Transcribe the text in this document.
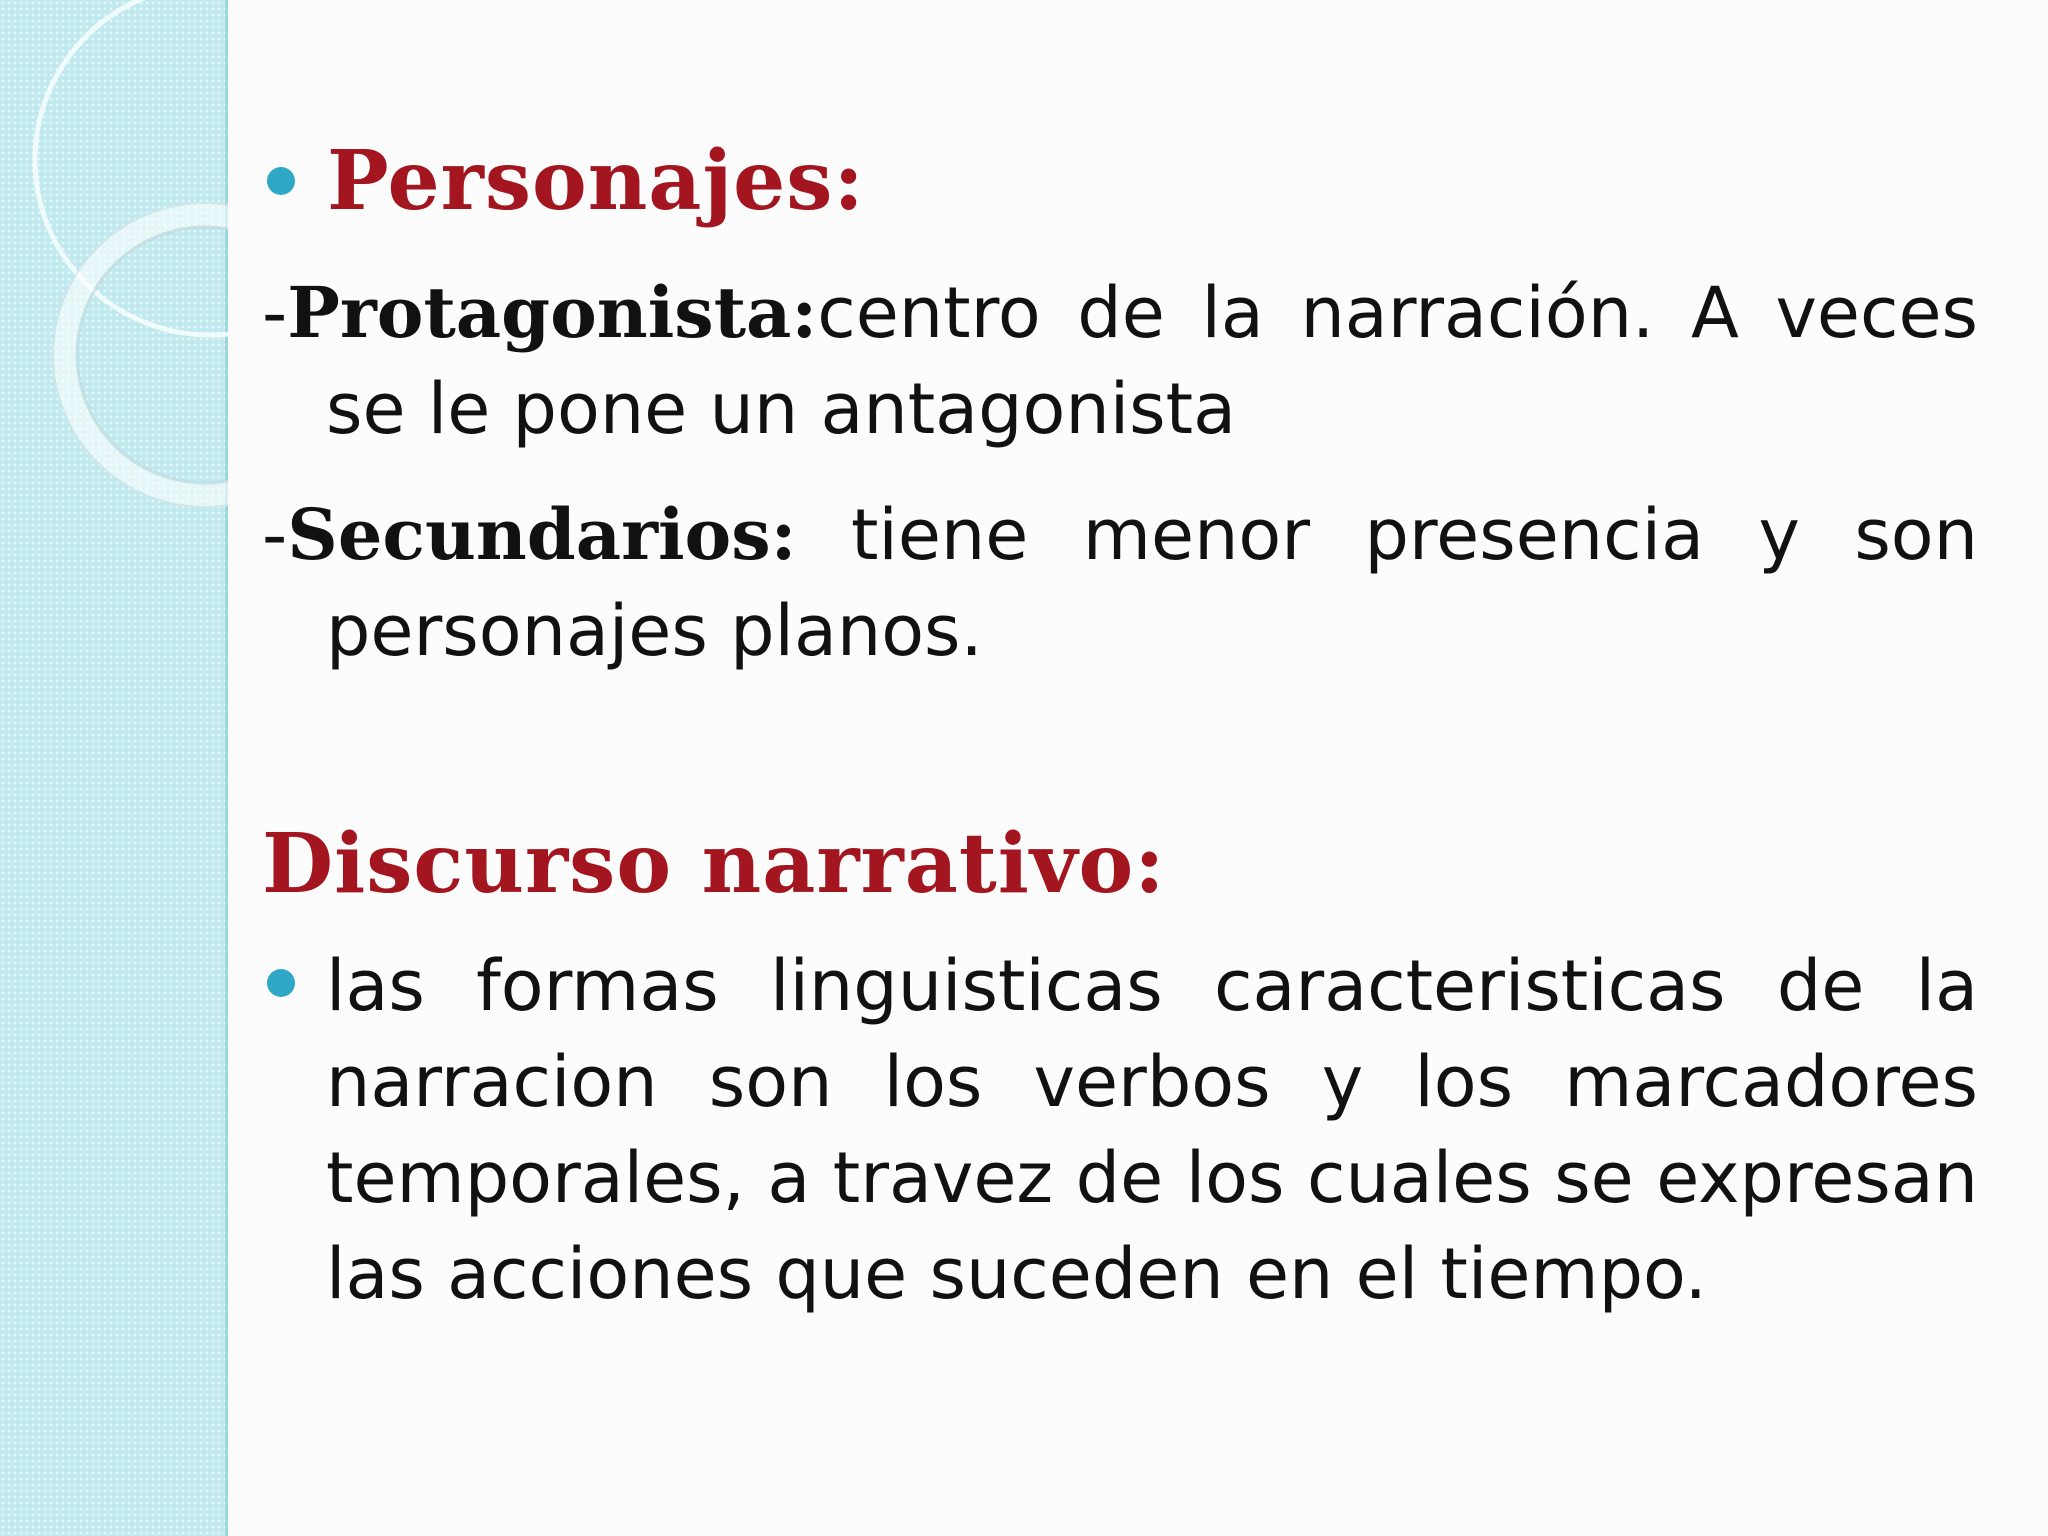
Personajes:
-Protagonista:centro de la narración. A veces se le pone un antagonista
-Secundarios: tiene menor presencia y son personajes planos.
Discurso narrativo:
las formas linguisticas caracteristicas de la narracion son los verbos y los marcadores temporales, a travez de los cuales se expresan las acciones que suceden en el tiempo.
